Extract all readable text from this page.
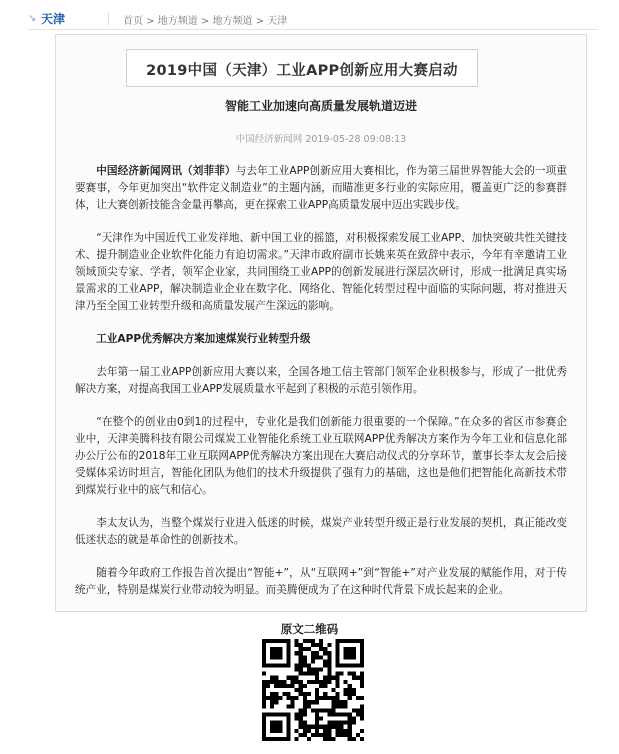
↘ 天津	首页 > 地方频道 > 地方频道 > 天津
2019中国（天津）工业APP创新应用大赛启动
智能工业加速向高质量发展轨道迈进
中国经济新闻网 2019-05-28 09:08:13

中国经济新闻网讯（刘菲菲）与去年工业APP创新应用大赛相比，作为第三届世界智能大会的一项重要赛事，今年更加突出“软件定义制造业”的主题内涵，而瞄准更多行业的实际应用，覆盖更广泛的参赛群体，让大赛创新技能含金量再攀高，更在探索工业APP高质量发展中迈出实践步伐。

“天津作为中国近代工业发祥地、新中国工业的摇篮，对积极探索发展工业APP、加快突破共性关键技术、提升制造业企业软件化能力有迫切需求。”天津市政府副市长姚来英在致辞中表示，今年有幸邀请工业领域顶尖专家、学者，领军企业家，共同围绕工业APP的创新发展进行深层次研讨，形成一批满足真实场景需求的工业APP，解决制造业企业在数字化、网络化、智能化转型过程中面临的实际问题，将对推进天津乃至全国工业转型升级和高质量发展产生深远的影响。

工业APP优秀解决方案加速煤炭行业转型升级

去年第一届工业APP创新应用大赛以来，全国各地工信主管部门领军企业积极参与，形成了一批优秀解决方案，对提高我国工业APP发展质量水平起到了积极的示范引领作用。

“在整个的创业由0到1的过程中，专业化是我们创新能力很重要的一个保障。”在众多的省区市参赛企业中，天津美腾科技有限公司煤炭工业智能化系统工业互联网APP优秀解决方案作为今年工业和信息化部办公厅公布的2018年工业互联网APP优秀解决方案出现在大赛启动仪式的分享环节，董事长李太友会后接受媒体采访时坦言，智能化团队为他们的技术升级提供了强有力的基础，这也是他们把智能化高新技术带到煤炭行业中的底气和信心。

李太友认为，当整个煤炭行业进入低迷的时候，煤炭产业转型升级正是行业发展的契机，真正能改变低迷状态的就是革命性的创新技术。

随着今年政府工作报告首次提出“智能+”，从“互联网+”到“智能+”对产业发展的赋能作用，对于传统产业，特别是煤炭行业带动较为明显。而美腾便成为了在这种时代背景下成长起来的企业。

原文二维码
